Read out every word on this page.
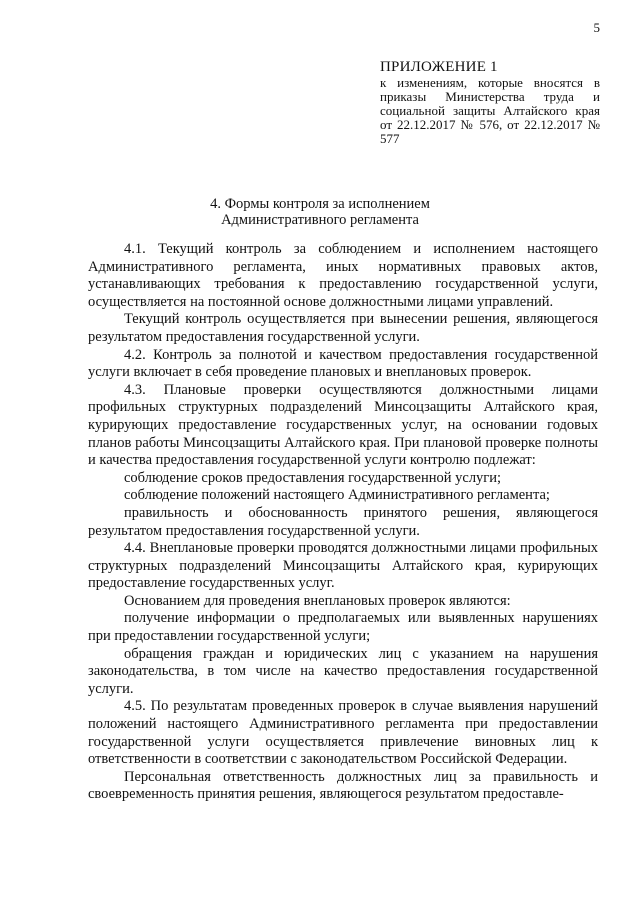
5
ПРИЛОЖЕНИЕ 1
к изменениям, которые вносятся в приказы Министерства труда и социальной защиты Алтайского края от 22.12.2017 № 576, от 22.12.2017 № 577
4. Формы контроля за исполнением
Административного регламента

4.1. Текущий контроль за соблюдением и исполнением настоящего Административного регламента, иных нормативных правовых актов, устанавливающих требования к предоставлению государственной услуги, осуществляется на постоянной основе должностными лицами управлений.

Текущий контроль осуществляется при вынесении решения, являющегося результатом предоставления государственной услуги.

4.2. Контроль за полнотой и качеством предоставления государственной услуги включает в себя проведение плановых и внеплановых проверок.

4.3. Плановые проверки осуществляются должностными лицами профильных структурных подразделений Минсоцзащиты Алтайского края, курирующих предоставление государственных услуг, на основании годовых планов работы Минсоцзащиты Алтайского края. При плановой проверке полноты и качества предоставления государственной услуги контролю подлежат:

соблюдение сроков предоставления государственной услуги;

соблюдение положений настоящего Административного регламента;

правильность и обоснованность принятого решения, являющегося результатом предоставления государственной услуги.

4.4. Внеплановые проверки проводятся должностными лицами профильных структурных подразделений Минсоцзащиты Алтайского края, курирующих предоставление государственных услуг.

Основанием для проведения внеплановых проверок являются:

получение информации о предполагаемых или выявленных нарушениях при предоставлении государственной услуги;

обращения граждан и юридических лиц с указанием на нарушения законодательства, в том числе на качество предоставления государственной услуги.

4.5. По результатам проведенных проверок в случае выявления нарушений положений настоящего Административного регламента при предоставлении государственной услуги осуществляется привлечение виновных лиц к ответственности в соответствии с законодательством Российской Федерации.

Персональная ответственность должностных лиц за правильность и своевременность принятия решения, являющегося результатом предоставле-
